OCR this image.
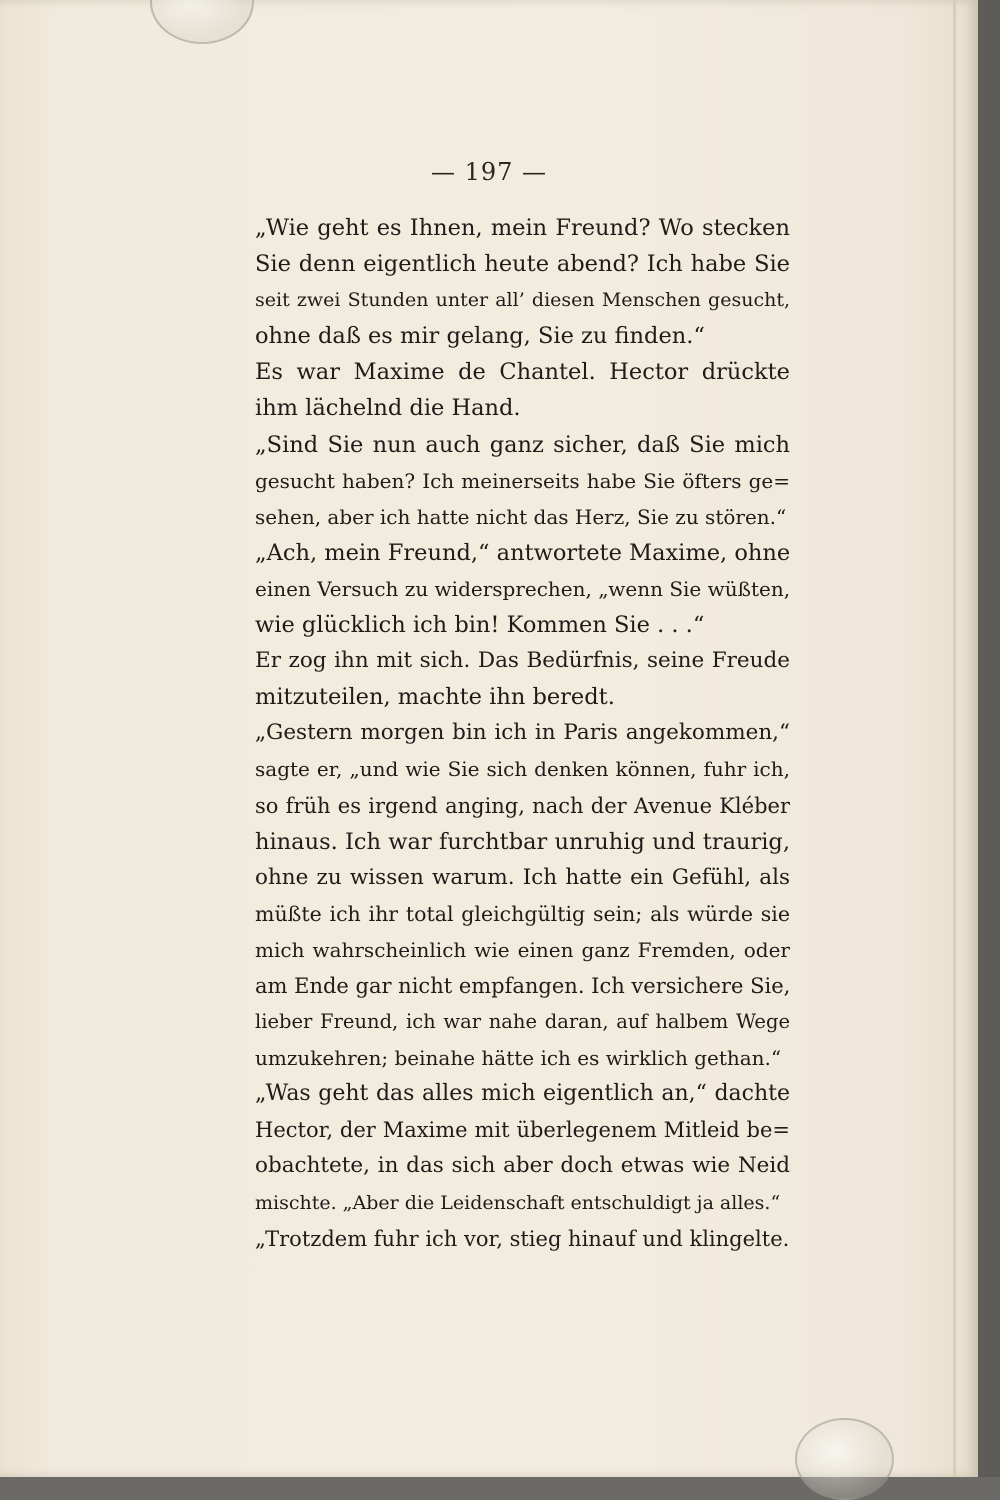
— 197 —
„Wie geht es Ihnen, mein Freund? Wo stecken
Sie denn eigentlich heute abend? Ich habe Sie
seit zwei Stunden unter all’ diesen Menschen gesucht,
ohne daß es mir gelang, Sie zu finden.“
Es war Maxime de Chantel. Hector drückte
ihm lächelnd die Hand.
„Sind Sie nun auch ganz sicher, daß Sie mich
gesucht haben? Ich meinerseits habe Sie öfters ge=
sehen, aber ich hatte nicht das Herz, Sie zu stören.“
„Ach, mein Freund,“ antwortete Maxime, ohne
einen Versuch zu widersprechen, „wenn Sie wüßten,
wie glücklich ich bin! Kommen Sie . . .“
Er zog ihn mit sich. Das Bedürfnis, seine Freude
mitzuteilen, machte ihn beredt.
„Gestern morgen bin ich in Paris angekommen,“
sagte er, „und wie Sie sich denken können, fuhr ich,
so früh es irgend anging, nach der Avenue Kléber
hinaus. Ich war furchtbar unruhig und traurig,
ohne zu wissen warum. Ich hatte ein Gefühl, als
müßte ich ihr total gleichgültig sein; als würde sie
mich wahrscheinlich wie einen ganz Fremden, oder
am Ende gar nicht empfangen. Ich versichere Sie,
lieber Freund, ich war nahe daran, auf halbem Wege
umzukehren; beinahe hätte ich es wirklich gethan.“
„Was geht das alles mich eigentlich an,“ dachte
Hector, der Maxime mit überlegenem Mitleid be=
obachtete, in das sich aber doch etwas wie Neid
mischte. „Aber die Leidenschaft entschuldigt ja alles.“
„Trotzdem fuhr ich vor, stieg hinauf und klingelte.
